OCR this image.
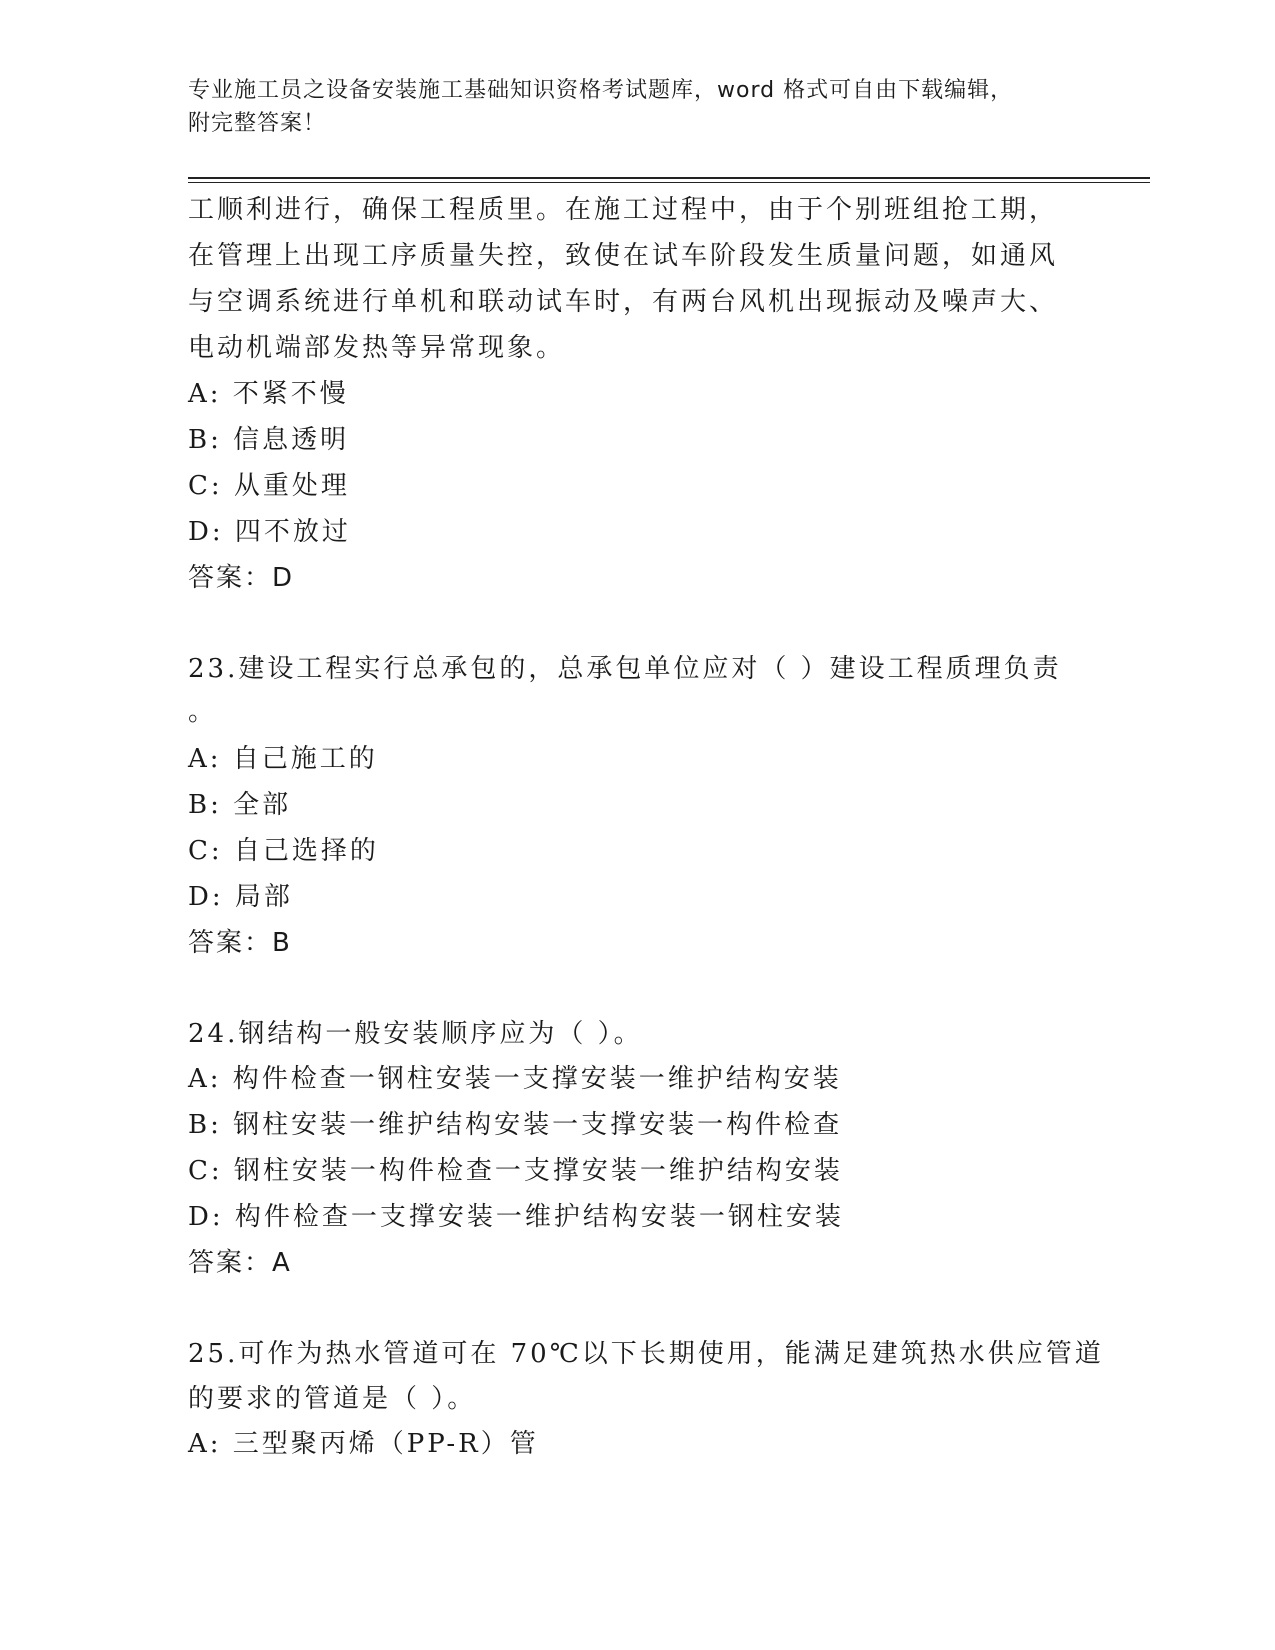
专业施工员之设备安装施工基础知识资格考试题库，word 格式可自由下载编辑，
附完整答案！
工顺利进行，确保工程质里。在施工过程中，由于个别班组抢工期，
在管理上出现工序质量失控，致使在试车阶段发生质量问题，如通风
与空调系统进行单机和联动试车时，有两台风机出现振动及噪声大、
电动机端部发热等异常现象。
A: 不紧不慢
B: 信息透明
C: 从重处理
D: 四不放过
答案：D
23.建设工程实行总承包的，总承包单位应对（ ）建设工程质理负责
。
A: 自己施工的
B: 全部
C: 自己选择的
D: 局部
答案：B
24.钢结构一般安装顺序应为（ ）。
A: 构件检查一钢柱安装一支撑安装一维护结构安装
B: 钢柱安装一维护结构安装一支撑安装一构件检查
C: 钢柱安装一构件检查一支撑安装一维护结构安装
D: 构件检查一支撑安装一维护结构安装一钢柱安装
答案：A
25.可作为热水管道可在 70℃以下长期使用，能满足建筑热水供应管道
的要求的管道是（ ）。
A: 三型聚丙烯（PP-R）管
